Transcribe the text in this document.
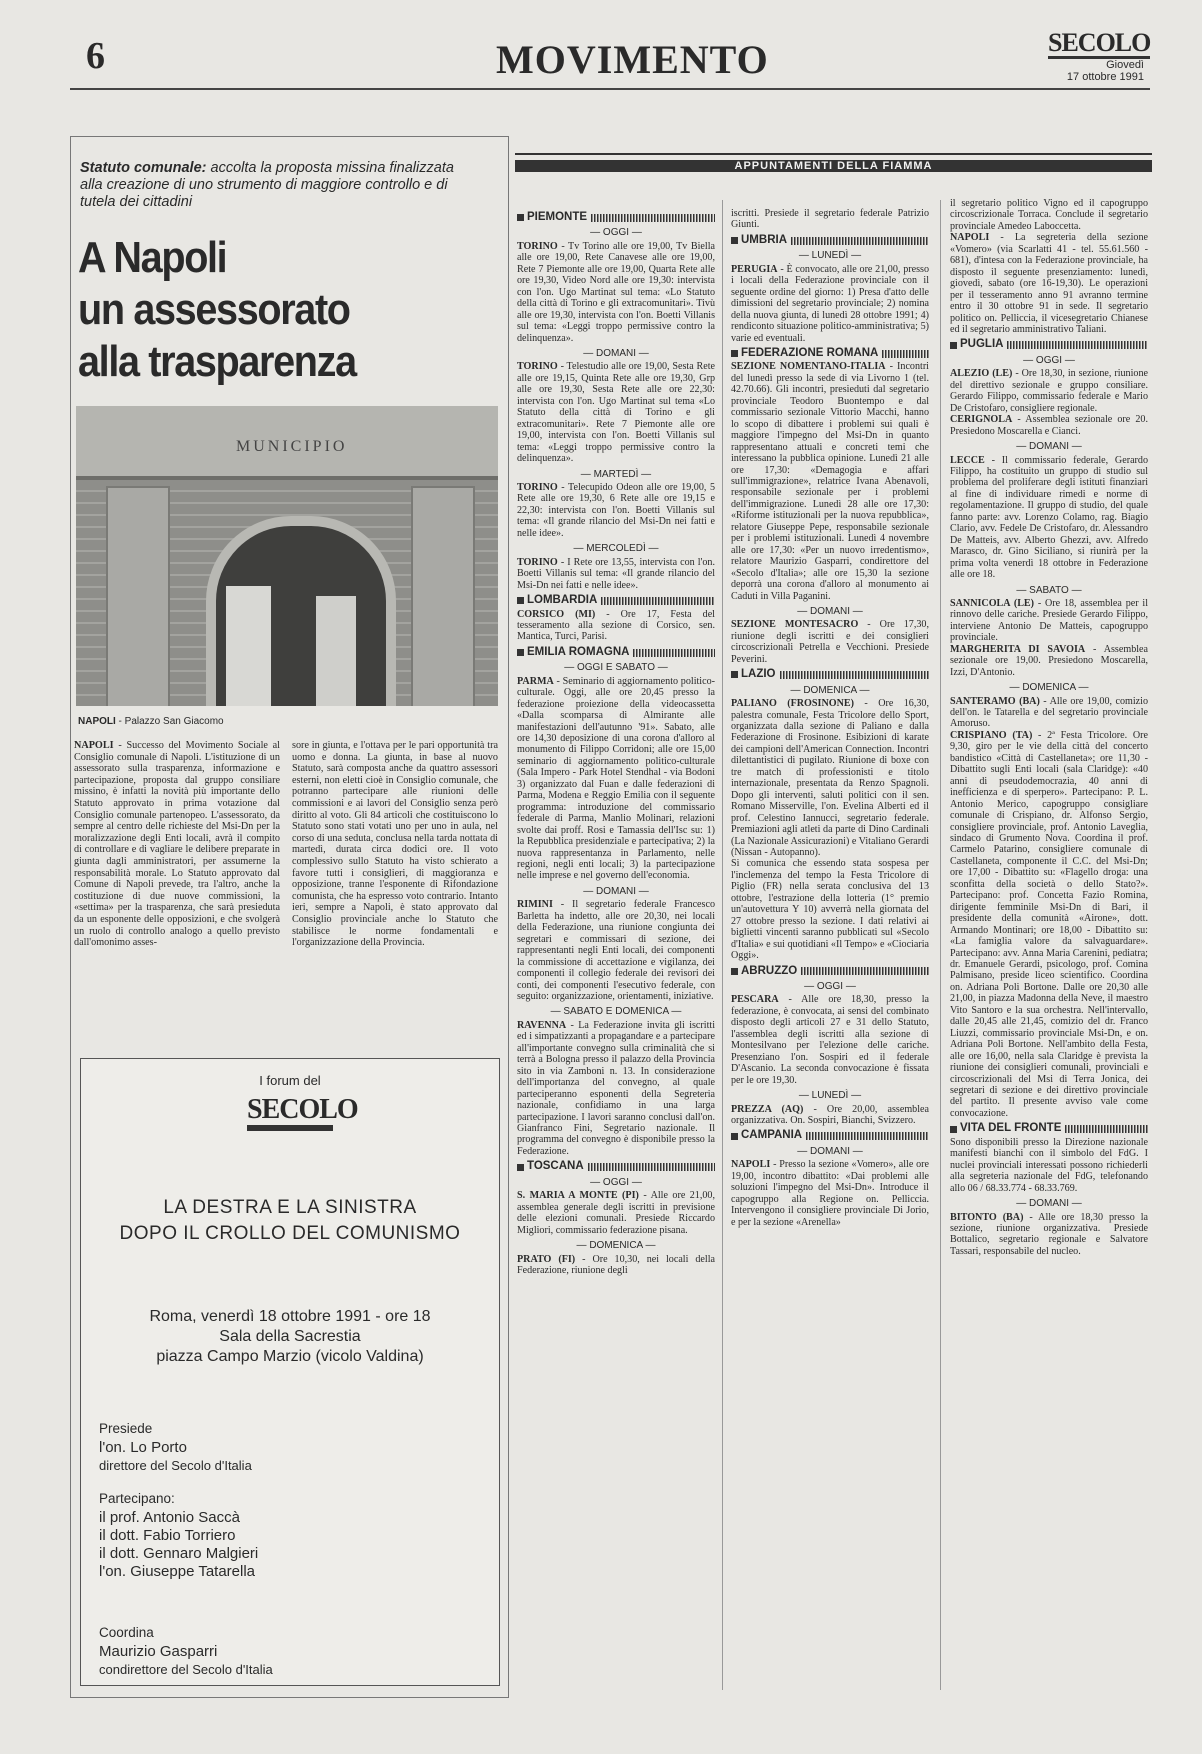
6	MOVIMENTO	SECOLO
Giovedì
17 ottobre 1991
Statuto comunale: accolta la proposta missina finalizzata alla creazione di uno strumento di maggiore controllo e di tutela dei cittadini
A Napoli
un assessorato
alla trasparenza
MUNICIPIO
NAPOLI - Palazzo San Giacomo
NAPOLI - Successo del Movimento Sociale al Consiglio comunale di Napoli. L'istituzione di un assessorato sulla trasparenza, informazione e partecipazione, proposta dal gruppo consiliare missino, è infatti la novità più importante dello Statuto approvato in prima votazione dal Consiglio comunale partenopeo. L'assessorato, da sempre al centro delle richieste del Msi-Dn per la moralizzazione degli Enti locali, avrà il compito di controllare e di vagliare le delibere preparate in giunta dagli amministratori, per assumerne la responsabilità morale. Lo Statuto approvato dal Comune di Napoli prevede, tra l'altro, anche la costituzione di due nuove commissioni, la «settima» per la trasparenza, che sarà presieduta da un esponente delle opposizioni, e che svolgerà un ruolo di controllo analogo a quello previsto dall'omonimo asses-
sore in giunta, e l'ottava per le pari opportunità tra uomo e donna. La giunta, in base al nuovo Statuto, sarà composta anche da quattro assessori esterni, non eletti cioè in Consiglio comunale, che potranno partecipare alle riunioni delle commissioni e ai lavori del Consiglio senza però diritto al voto. Gli 84 articoli che costituiscono lo Statuto sono stati votati uno per uno in aula, nel corso di una seduta, conclusa nella tarda nottata di martedì, durata circa dodici ore. Il voto complessivo sullo Statuto ha visto schierato a favore tutti i consiglieri, di maggioranza e opposizione, tranne l'esponente di Rifondazione comunista, che ha espresso voto contrario. Intanto ieri, sempre a Napoli, è stato approvato dal Consiglio provinciale anche lo Statuto che stabilisce le norme fondamentali e l'organizzazione della Provincia.
I forum del
SECOLO
LA DESTRA E LA SINISTRA
DOPO IL CROLLO DEL COMUNISMO
Roma, venerdì 18 ottobre 1991 - ore 18
Sala della Sacrestia
piazza Campo Marzio (vicolo Valdina)
Presiede
l'on. Lo Porto
direttore del Secolo d'Italia
Partecipano:
il prof. Antonio Saccà
il dott. Fabio Torriero
il dott. Gennaro Malgieri
l'on. Giuseppe Tatarella
Coordina
Maurizio Gasparri
condirettore del Secolo d'Italia
APPUNTAMENTI DELLA FIAMMA
PIEMONTE
— OGGI —

TORINO - Tv Torino alle ore 19,00, Tv Biella alle ore 19,00, Rete Canavese alle ore 19,00, Rete 7 Piemonte alle ore 19,00, Quarta Rete alle ore 19,30, Video Nord alle ore 19,30: intervista con l'on. Ugo Martinat sul tema: «Lo Statuto della città di Torino e gli extracomunitari». Tivù alle ore 19,30, intervista con l'on. Boetti Villanis sul tema: «Leggi troppo permissive contro la delinquenza».

— DOMANI —

TORINO - Telestudio alle ore 19,00, Sesta Rete alle ore 19,15, Quinta Rete alle ore 19,30, Grp alle ore 19,30, Sesta Rete alle ore 22,30: intervista con l'on. Ugo Martinat sul tema «Lo Statuto della città di Torino e gli extracomunitari». Rete 7 Piemonte alle ore 19,00, intervista con l'on. Boetti Villanis sul tema: «Leggi troppo permissive contro la delinquenza».

— MARTEDÌ —

TORINO - Telecupido Odeon alle ore 19,00, 5 Rete alle ore 19,30, 6 Rete alle ore 19,15 e 22,30: intervista con l'on. Boetti Villanis sul tema: «Il grande rilancio del Msi-Dn nei fatti e nelle idee».

— MERCOLEDÌ —

TORINO - I Rete ore 13,55, intervista con l'on. Boetti Villanis sul tema: «Il grande rilancio del Msi-Dn nei fatti e nelle idee».

LOMBARDIA

CORSICO (MI) - Ore 17, Festa del tesseramento alla sezione di Corsico, sen. Mantica, Turci, Parisi.

EMILIA ROMAGNA
— OGGI E SABATO —

PARMA - Seminario di aggiornamento politico-culturale. Oggi, alle ore 20,45 presso la federazione proiezione della videocassetta «Dalla scomparsa di Almirante alle manifestazioni dell'autunno '91». Sabato, alle ore 14,30 deposizione di una corona d'alloro al monumento di Filippo Corridoni; alle ore 15,00 seminario di aggiornamento politico-culturale (Sala Impero - Park Hotel Stendhal - via Bodoni 3) organizzato dal Fuan e dalle federazioni di Parma, Modena e Reggio Emilia con il seguente programma: introduzione del commissario federale di Parma, Manlio Molinari, relazioni svolte dai proff. Rosi e Tamassia dell'Isc su: 1) la Repubblica presidenziale e partecipativa; 2) la nuova rappresentanza in Parlamento, nelle regioni, negli enti locali; 3) la partecipazione nelle imprese e nel governo dell'economia.

— DOMANI —

RIMINI - Il segretario federale Francesco Barletta ha indetto, alle ore 20,30, nei locali della Federazione, una riunione congiunta dei segretari e commissari di sezione, dei rappresentanti negli Enti locali, dei componenti la commissione di accettazione e vigilanza, dei componenti il collegio federale dei revisori dei conti, dei componenti l'esecutivo federale, con seguito: organizzazione, orientamenti, iniziative.

— SABATO E DOMENICA —

RAVENNA - La Federazione invita gli iscritti ed i simpatizzanti a propagandare e a partecipare all'importante convegno sulla criminalità che si terrà a Bologna presso il palazzo della Provincia sito in via Zamboni n. 13. In considerazione dell'importanza del convegno, al quale parteciperanno esponenti della Segreteria nazionale, confidiamo in una larga partecipazione. I lavori saranno conclusi dall'on. Gianfranco Fini, Segretario nazionale. Il programma del convegno è disponibile presso la Federazione.

TOSCANA
— OGGI —

S. MARIA A MONTE (PI) - Alle ore 21,00, assemblea generale degli iscritti in previsione delle elezioni comunali. Presiede Riccardo Migliori, commissario federazione pisana.

— DOMENICA —

PRATO (FI) - Ore 10,30, nei locali della Federazione, riunione degli

iscritti. Presiede il segretario federale Patrizio Giunti.

UMBRIA
— LUNEDÌ —

PERUGIA - È convocato, alle ore 21,00, presso i locali della Federazione provinciale con il seguente ordine del giorno: 1) Presa d'atto delle dimissioni del segretario provinciale; 2) nomina della nuova giunta, di lunedì 28 ottobre 1991; 4) rendiconto situazione politico-amministrativa; 5) varie ed eventuali.

FEDERAZIONE ROMANA

SEZIONE NOMENTANO-ITALIA - Incontri del lunedì presso la sede di via Livorno 1 (tel. 42.70.66). Gli incontri, presieduti dal segretario provinciale Teodoro Buontempo e dal commissario sezionale Vittorio Macchi, hanno lo scopo di dibattere i problemi sui quali è maggiore l'impegno del Msi-Dn in quanto rappresentano attuali e concreti temi che interessano la pubblica opinione. Lunedì 21 alle ore 17,30: «Demagogia e affari sull'immigrazione», relatrice Ivana Abenavoli, responsabile sezionale per i problemi dell'immigrazione. Lunedì 28 alle ore 17,30: «Riforme istituzionali per la nuova repubblica», relatore Giuseppe Pepe, responsabile sezionale per i problemi istituzionali. Lunedì 4 novembre alle ore 17,30: «Per un nuovo irredentismo», relatore Maurizio Gasparri, condirettore del «Secolo d'Italia»; alle ore 15,30 la sezione deporrà una corona d'alloro al monumento ai Caduti in Villa Paganini.

— DOMANI —

SEZIONE MONTESACRO - Ore 17,30, riunione degli iscritti e dei consiglieri circoscrizionali Petrella e Vecchioni. Presiede Peverini.

LAZIO
— DOMENICA —

PALIANO (FROSINONE) - Ore 16,30, palestra comunale, Festa Tricolore dello Sport, organizzata dalla sezione di Paliano e dalla Federazione di Frosinone. Esibizioni di karate dei campioni dell'American Connection. Incontri dilettantistici di pugilato. Riunione di boxe con tre match di professionisti e titolo internazionale, presentata da Renzo Spagnoli. Dopo gli interventi, saluti politici con il sen. Romano Misserville, l'on. Evelina Alberti ed il prof. Celestino Iannucci, segretario federale. Premiazioni agli atleti da parte di Dino Cardinali (La Nazionale Assicurazioni) e Vitaliano Gerardi (Nissan - Autopanno).

Si comunica che essendo stata sospesa per l'inclemenza del tempo la Festa Tricolore di Piglio (FR) nella serata conclusiva del 13 ottobre, l'estrazione della lotteria (1° premio un'autovettura Y 10) avverrà nella giornata del 27 ottobre presso la sezione. I dati relativi ai biglietti vincenti saranno pubblicati sul «Secolo d'Italia» e sui quotidiani «Il Tempo» e «Ciociaria Oggi».

ABRUZZO
— OGGI —

PESCARA - Alle ore 18,30, presso la federazione, è convocata, ai sensi del combinato disposto degli articoli 27 e 31 dello Statuto, l'assemblea degli iscritti alla sezione di Montesilvano per l'elezione delle cariche. Presenziano l'on. Sospiri ed il federale D'Ascanio. La seconda convocazione è fissata per le ore 19,30.

— LUNEDÌ —

PREZZA (AQ) - Ore 20,00, assemblea organizzativa. On. Sospiri, Bianchi, Svizzero.

CAMPANIA
— DOMANI —

NAPOLI - Presso la sezione «Vomero», alle ore 19,00, incontro dibattito: «Dai problemi alle soluzioni l'impegno del Msi-Dn». Introduce il capogruppo alla Regione on. Pelliccia. Intervengono il consigliere provinciale Di Jorio, e per la sezione «Arenella»

il segretario politico Vigno ed il capogruppo circoscrizionale Torraca. Conclude il segretario provinciale Amedeo Laboccetta.

NAPOLI - La segreteria della sezione «Vomero» (via Scarlatti 41 - tel. 55.61.560 - 681), d'intesa con la Federazione provinciale, ha disposto il seguente presenziamento: lunedì, giovedì, sabato (ore 16-19,30). Le operazioni per il tesseramento anno 91 avranno termine entro il 30 ottobre 91 in sede. Il segretario politico on. Pelliccia, il vicesegretario Chianese ed il segretario amministrativo Taliani.

PUGLIA
— OGGI —

ALEZIO (LE) - Ore 18,30, in sezione, riunione del direttivo sezionale e gruppo consiliare. Gerardo Filippo, commissario federale e Mario De Cristofaro, consigliere regionale.

CERIGNOLA - Assemblea sezionale ore 20. Presiedono Moscarella e Cianci.

— DOMANI —

LECCE - Il commissario federale, Gerardo Filippo, ha costituito un gruppo di studio sul problema del proliferare degli istituti finanziari al fine di individuare rimedi e norme di regolamentazione. Il gruppo di studio, del quale fanno parte: avv. Lorenzo Colamo, rag. Biagio Clario, avv. Fedele De Cristofaro, dr. Alessandro De Matteis, avv. Alberto Ghezzi, avv. Alfredo Marasco, dr. Gino Siciliano, si riunirà per la prima volta venerdì 18 ottobre in Federazione alle ore 18.

— SABATO —

SANNICOLA (LE) - Ore 18, assemblea per il rinnovo delle cariche. Presiede Gerardo Filippo, interviene Antonio De Matteis, capogruppo provinciale.

MARGHERITA DI SAVOIA - Assemblea sezionale ore 19,00. Presiedono Moscarella, Izzi, D'Antonio.

— DOMENICA —

SANTERAMO (BA) - Alle ore 19,00, comizio dell'on. le Tatarella e del segretario provinciale Amoruso.

CRISPIANO (TA) - 2ª Festa Tricolore. Ore 9,30, giro per le vie della città del concerto bandistico «Città di Castellaneta»; ore 11,30 - Dibattito sugli Enti locali (sala Claridge): «40 anni di pseudodemocrazia, 40 anni di inefficienza e di sperpero». Partecipano: P. L. Antonio Merico, capogruppo consigliare comunale di Crispiano, dr. Alfonso Sergio, consigliere provinciale, prof. Antonio Laveglia, sindaco di Grumento Nova. Coordina il prof. Carmelo Patarino, consigliere comunale di Castellaneta, componente il C.C. del Msi-Dn; ore 17,00 - Dibattito su: «Flagello droga: una sconfitta della società o dello Stato?». Partecipano: prof. Concetta Fazio Romina, dirigente femminile Msi-Dn di Bari, il presidente della comunità «Airone», dott. Armando Montinari; ore 18,00 - Dibattito su: «La famiglia valore da salvaguardare». Partecipano: avv. Anna Maria Carenini, pediatra; dr. Emanuele Gerardi, psicologo, prof. Comina Palmisano, preside liceo scientifico. Coordina on. Adriana Poli Bortone. Dalle ore 20,30 alle 21,00, in piazza Madonna della Neve, il maestro Vito Santoro e la sua orchestra. Nell'intervallo, dalle 20,45 alle 21,45, comizio del dr. Franco Liuzzi, commissario provinciale Msi-Dn, e on. Adriana Poli Bortone. Nell'ambito della Festa, alle ore 16,00, nella sala Claridge è prevista la riunione dei consiglieri comunali, provinciali e circoscrizionali del Msi di Terra Jonica, dei segretari di sezione e dei direttivo provinciale del partito. Il presente avviso vale come convocazione.

VITA DEL FRONTE

Sono disponibili presso la Direzione nazionale manifesti bianchi con il simbolo del FdG. I nuclei provinciali interessati possono richiederli alla segreteria nazionale del FdG, telefonando allo 06 / 68.33.774 - 68.33.769.

— DOMANI —

BITONTO (BA) - Alle ore 18,30 presso la sezione, riunione organizzativa. Presiede Bottalico, segretario regionale e Salvatore Tassari, responsabile del nucleo.
